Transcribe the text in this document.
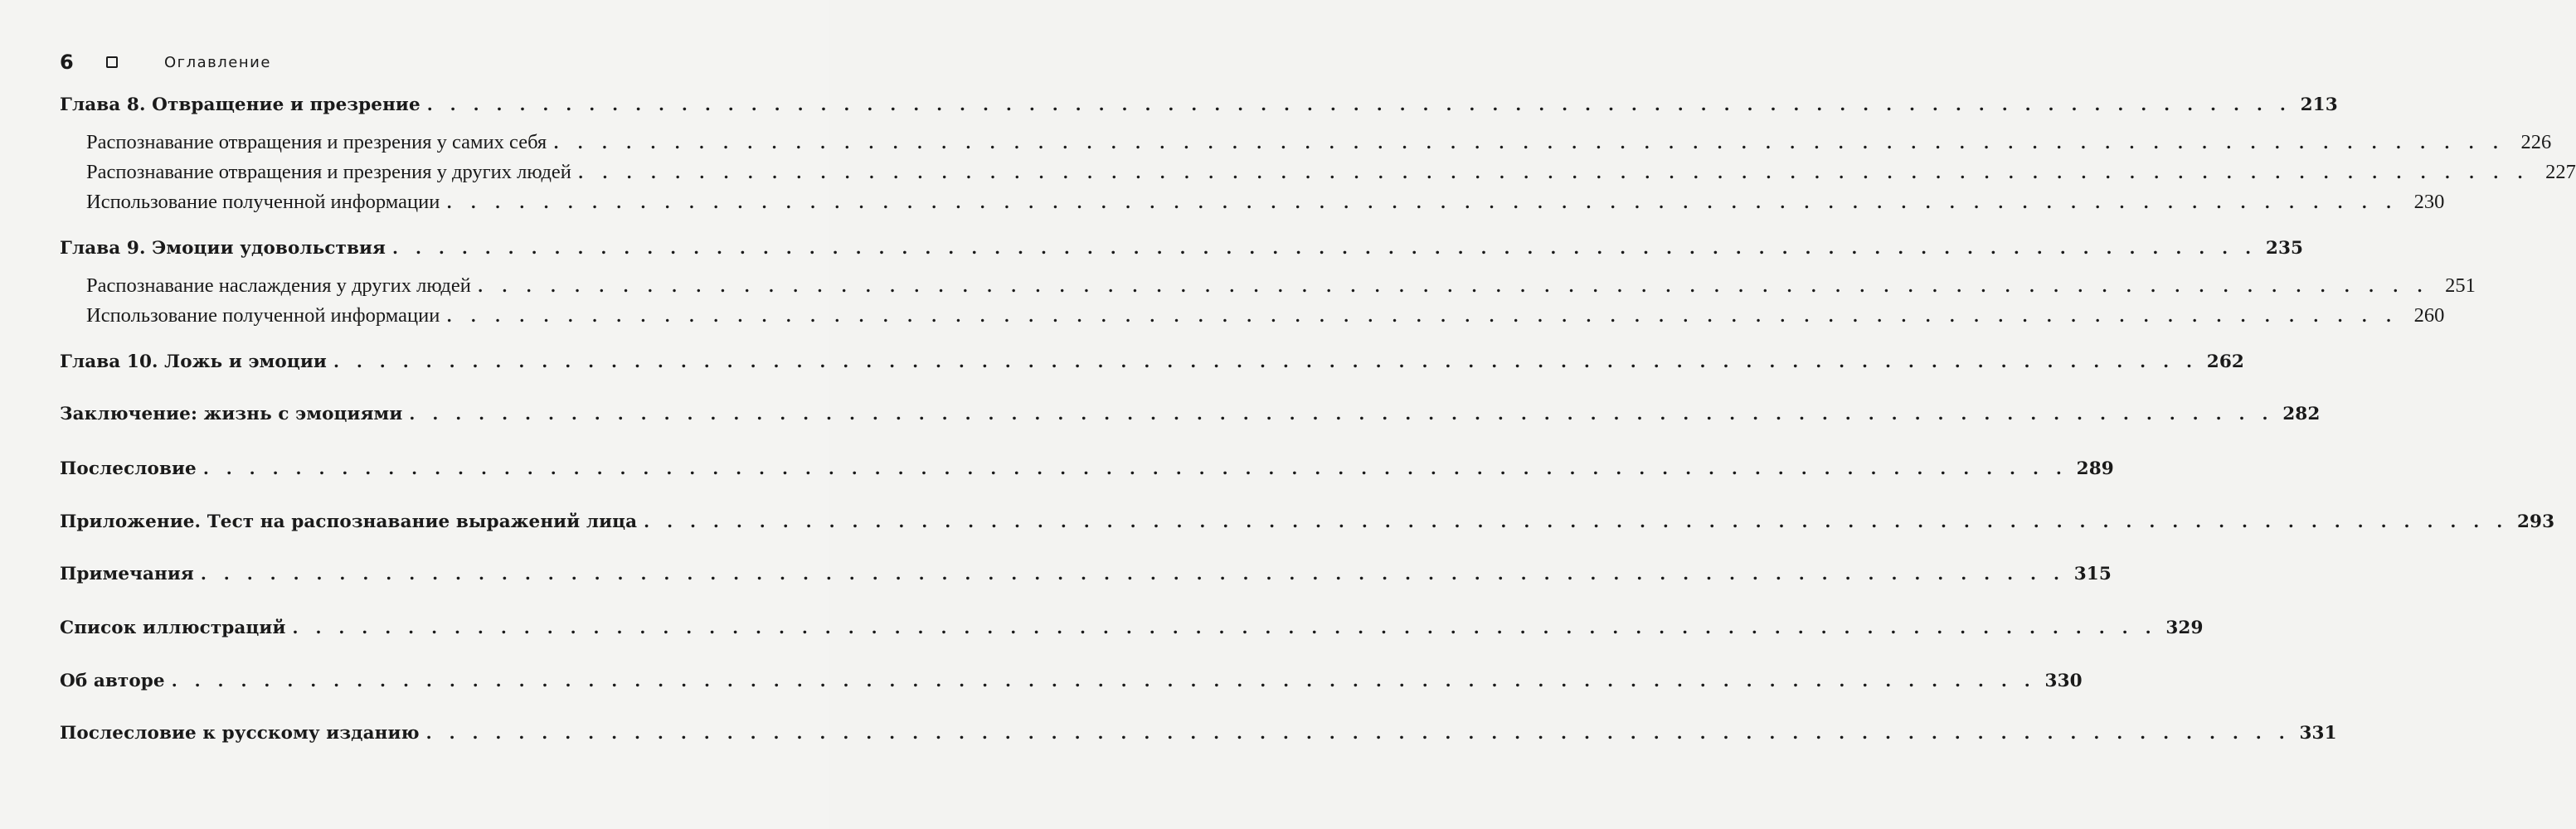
6	Оглавление
Глава 8. Отвращение и презрение . . . . . . . . . . . . . . . . . . . . . . . . . . . . . . . . . . . . . . . . . . . . . . . . . . . . . . . . . . . . . . . . . . . . . . . . . . . . . . . . . 213
Распознавание отвращения и презрения у самих себя . . . . . . . . . . . . . . . . . . . . . . . . . . . . . . . . . . . . . . . . . . . . . . . . . . . . . . . . . . . . . . . . . . . . . . . . . . . . . . . . . 226
Распознавание отвращения и презрения у других людей . . . . . . . . . . . . . . . . . . . . . . . . . . . . . . . . . . . . . . . . . . . . . . . . . . . . . . . . . . . . . . . . . . . . . . . . . . . . . . . . . 227
Использование полученной информации . . . . . . . . . . . . . . . . . . . . . . . . . . . . . . . . . . . . . . . . . . . . . . . . . . . . . . . . . . . . . . . . . . . . . . . . . . . . . . . . . 230
Глава 9. Эмоции удовольствия . . . . . . . . . . . . . . . . . . . . . . . . . . . . . . . . . . . . . . . . . . . . . . . . . . . . . . . . . . . . . . . . . . . . . . . . . . . . . . . . . 235
Распознавание наслаждения у других людей . . . . . . . . . . . . . . . . . . . . . . . . . . . . . . . . . . . . . . . . . . . . . . . . . . . . . . . . . . . . . . . . . . . . . . . . . . . . . . . . . 251
Использование полученной информации . . . . . . . . . . . . . . . . . . . . . . . . . . . . . . . . . . . . . . . . . . . . . . . . . . . . . . . . . . . . . . . . . . . . . . . . . . . . . . . . . 260
Глава 10. Ложь и эмоции . . . . . . . . . . . . . . . . . . . . . . . . . . . . . . . . . . . . . . . . . . . . . . . . . . . . . . . . . . . . . . . . . . . . . . . . . . . . . . . . . 262
Заключение: жизнь с эмоциями . . . . . . . . . . . . . . . . . . . . . . . . . . . . . . . . . . . . . . . . . . . . . . . . . . . . . . . . . . . . . . . . . . . . . . . . . . . . . . . . . 282
Послесловие . . . . . . . . . . . . . . . . . . . . . . . . . . . . . . . . . . . . . . . . . . . . . . . . . . . . . . . . . . . . . . . . . . . . . . . . . . . . . . . . . 289
Приложение. Тест на распознавание выражений лица . . . . . . . . . . . . . . . . . . . . . . . . . . . . . . . . . . . . . . . . . . . . . . . . . . . . . . . . . . . . . . . . . . . . . . . . . . . . . . . . . 293
Примечания . . . . . . . . . . . . . . . . . . . . . . . . . . . . . . . . . . . . . . . . . . . . . . . . . . . . . . . . . . . . . . . . . . . . . . . . . . . . . . . . . 315
Список иллюстраций . . . . . . . . . . . . . . . . . . . . . . . . . . . . . . . . . . . . . . . . . . . . . . . . . . . . . . . . . . . . . . . . . . . . . . . . . . . . . . . . . 329
Об авторе . . . . . . . . . . . . . . . . . . . . . . . . . . . . . . . . . . . . . . . . . . . . . . . . . . . . . . . . . . . . . . . . . . . . . . . . . . . . . . . . . 330
Послесловие к русскому изданию . . . . . . . . . . . . . . . . . . . . . . . . . . . . . . . . . . . . . . . . . . . . . . . . . . . . . . . . . . . . . . . . . . . . . . . . . . . . . . . . . 331
